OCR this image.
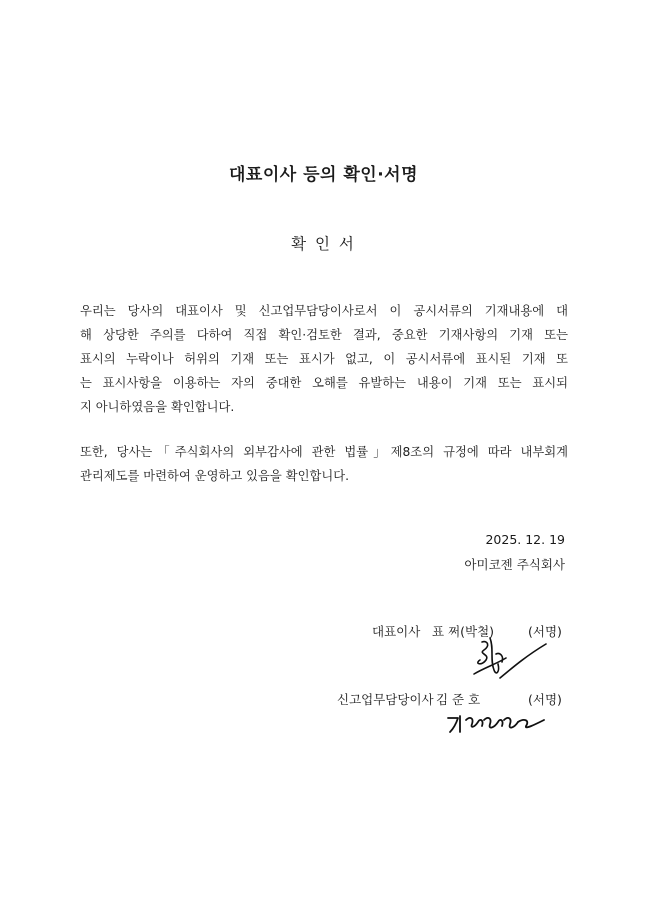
대표이사 등의 확인·서명
확 인 서

우리는 당사의 대표이사 및 신고업무담당이사로서 이 공시서류의 기재내용에 대
해 상당한 주의를 다하여 직접 확인·검토한 결과, 중요한 기재사항의 기재 또는
표시의 누락이나 허위의 기재 또는 표시가 없고, 이 공시서류에 표시된 기재 또
는 표시사항을 이용하는 자의 중대한 오해를 유발하는 내용이 기재 또는 표시되
지 아니하였음을 확인합니다.

또한, 당사는「주식회사의 외부감사에 관한 법률」제8조의 규정에 따라 내부회계
관리제도를 마련하여 운영하고 있음을 확인합니다.

2025. 12. 19
아미코젠 주식회사
대표이사 표 쩌(박철)	(서명)
신고업무담당이사 김 준 호	(서명)
